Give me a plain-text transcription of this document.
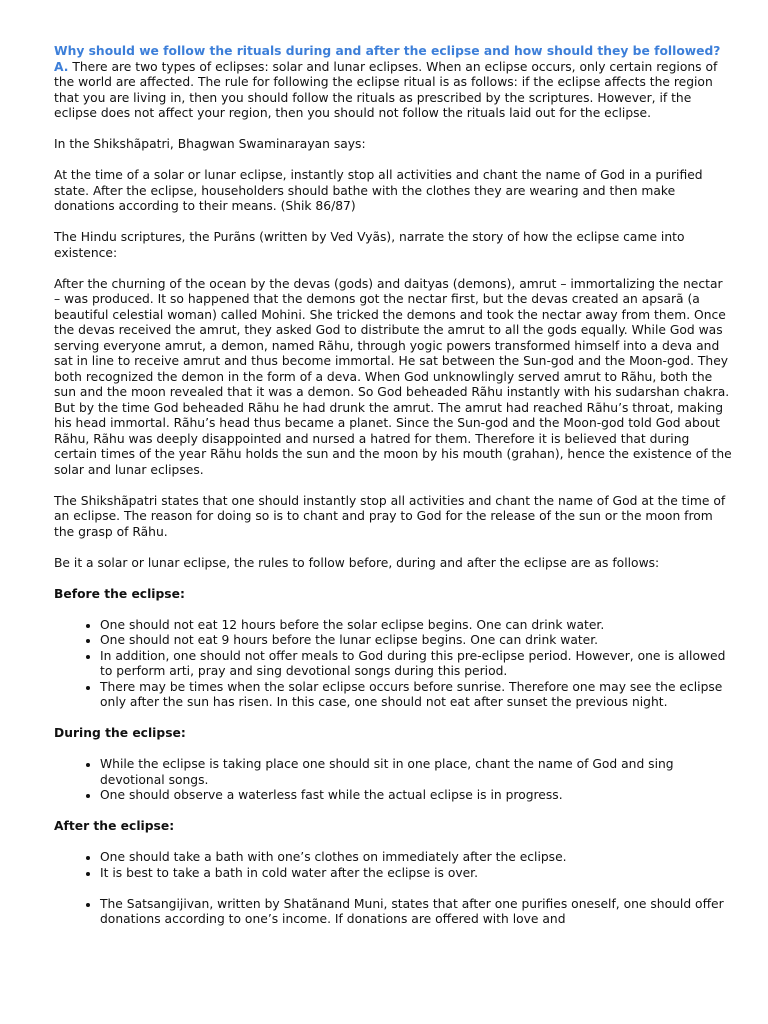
Why should we follow the rituals during and after the eclipse and how should they be followed?

A. There are two types of eclipses: solar and lunar eclipses. When an eclipse occurs, only certain regions of the world are affected. The rule for following the eclipse ritual is as follows: if the eclipse affects the region that you are living in, then you should follow the rituals as prescribed by the scriptures. However, if the eclipse does not affect your region, then you should not follow the rituals laid out for the eclipse.

In the Shikshãpatri, Bhagwan Swaminarayan says:

At the time of a solar or lunar eclipse, instantly stop all activities and chant the name of God in a purified state. After the eclipse, householders should bathe with the clothes they are wearing and then make donations according to their means. (Shik 86/87)

The Hindu scriptures, the Purãns (written by Ved Vyãs), narrate the story of how the eclipse came into existence:

After the churning of the ocean by the devas (gods) and daityas (demons), amrut – immortalizing the nectar – was produced. It so happened that the demons got the nectar first, but the devas created an apsarã (a beautiful celestial woman) called Mohini. She tricked the demons and took the nectar away from them. Once the devas received the amrut, they asked God to distribute the amrut to all the gods equally. While God was serving everyone amrut, a demon, named Rãhu, through yogic powers transformed himself into a deva and sat in line to receive amrut and thus become immortal. He sat between the Sun-god and the Moon-god. They both recognized the demon in the form of a deva. When God unknowlingly served amrut to Rãhu, both the sun and the moon revealed that it was a demon. So God beheaded Rãhu instantly with his sudarshan chakra. But by the time God beheaded Rãhu he had drunk the amrut. The amrut had reached Rãhu’s throat, making his head immortal. Rãhu’s head thus became a planet. Since the Sun-god and the Moon-god told God about Rãhu, Rãhu was deeply disappointed and nursed a hatred for them. Therefore it is believed that during certain times of the year Rãhu holds the sun and the moon by his mouth (grahan), hence the existence of the solar and lunar eclipses.

The Shikshãpatri states that one should instantly stop all activities and chant the name of God at the time of an eclipse. The reason for doing so is to chant and pray to God for the release of the sun or the moon from the grasp of Rãhu.

Be it a solar or lunar eclipse, the rules to follow before, during and after the eclipse are as follows:

Before the eclipse:
• One should not eat 12 hours before the solar eclipse begins. One can drink water.
• One should not eat 9 hours before the lunar eclipse begins. One can drink water.
• In addition, one should not offer meals to God during this pre-eclipse period. However, one is allowed to perform arti, pray and sing devotional songs during this period.
• There may be times when the solar eclipse occurs before sunrise. Therefore one may see the eclipse only after the sun has risen. In this case, one should not eat after sunset the previous night.
During the eclipse:
• While the eclipse is taking place one should sit in one place, chant the name of God and sing devotional songs.
• One should observe a waterless fast while the actual eclipse is in progress.
After the eclipse:
• One should take a bath with one’s clothes on immediately after the eclipse.
• It is best to take a bath in cold water after the eclipse is over.
• The Satsangijivan, written by Shatãnand Muni, states that after one purifies oneself, one should offer donations according to one’s income. If donations are offered with love and
